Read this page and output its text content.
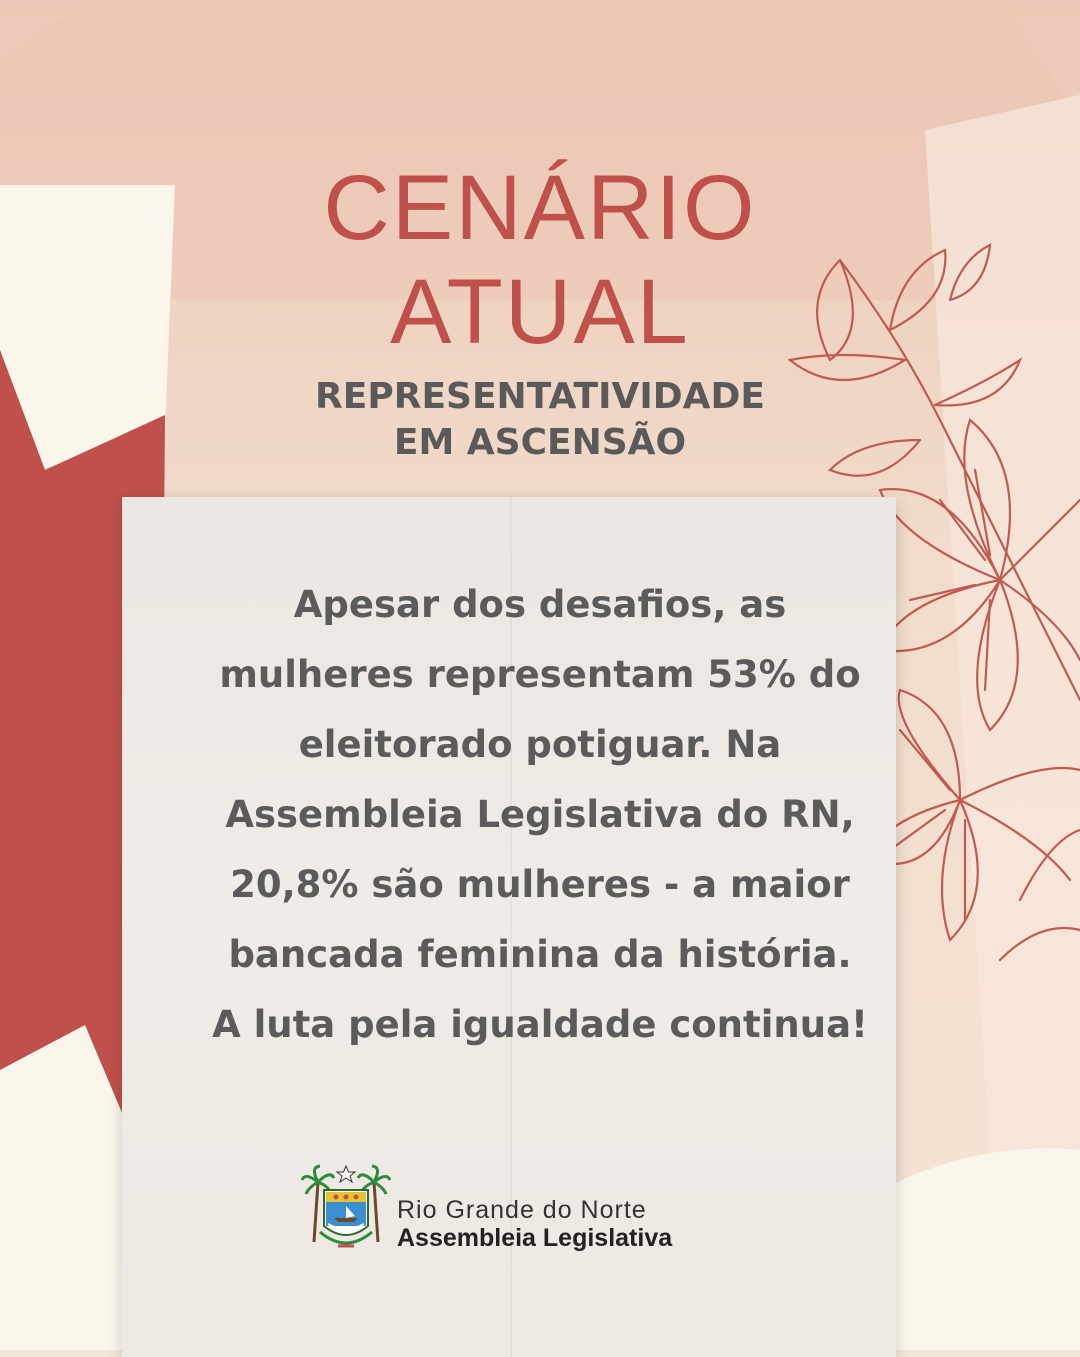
CENÁRIO
ATUAL
REPRESENTATIVIDADE
EM ASCENSÃO
Apesar dos desafios, as
mulheres representam 53% do
eleitorado potiguar. Na
Assembleia Legislativa do RN,
20,8% são mulheres - a maior
bancada feminina da história.
A luta pela igualdade continua!
Rio Grande do Norte
Assembleia Legislativa
